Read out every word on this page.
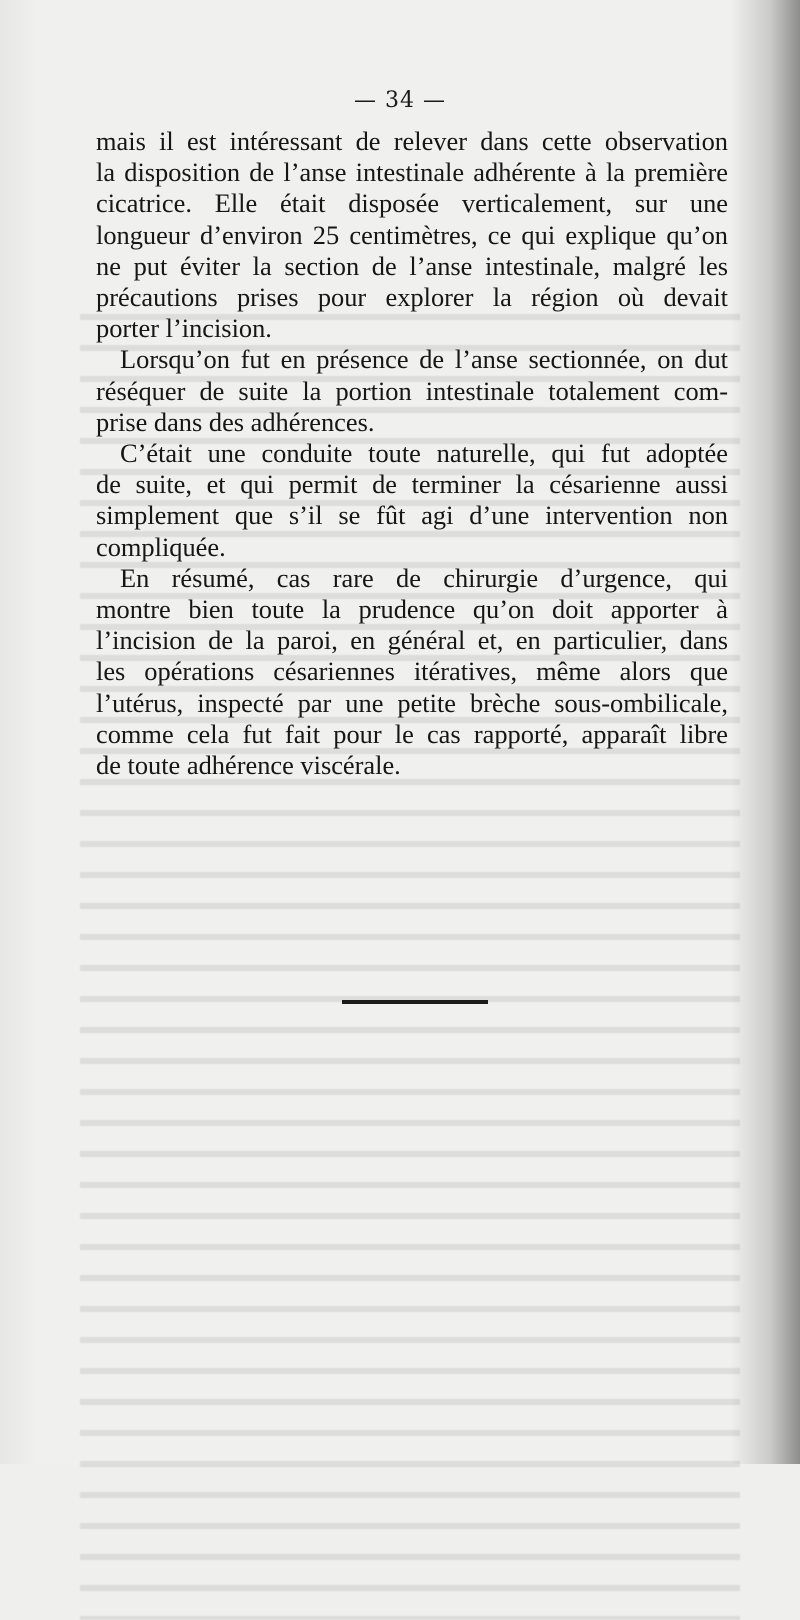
— 34 —
mais il est intéressant de relever dans cette observation
la disposition de l’anse intestinale adhérente à la première
cicatrice. Elle était disposée verticalement, sur une
longueur d’environ 25 centimètres, ce qui explique qu’on
ne put éviter la section de l’anse intestinale, malgré les
précautions prises pour explorer la région où devait
porter l’incision.
Lorsqu’on fut en présence de l’anse sectionnée, on dut
réséquer de suite la portion intestinale totalement com-
prise dans des adhérences.
C’était une conduite toute naturelle, qui fut adoptée
de suite, et qui permit de terminer la césarienne aussi
simplement que s’il se fût agi d’une intervention non
compliquée.
En résumé, cas rare de chirurgie d’urgence, qui
montre bien toute la prudence qu’on doit apporter à
l’incision de la paroi, en général et, en particulier, dans
les opérations césariennes itératives, même alors que
l’utérus, inspecté par une petite brèche sous-ombilicale,
comme cela fut fait pour le cas rapporté, apparaît libre
de toute adhérence viscérale.
